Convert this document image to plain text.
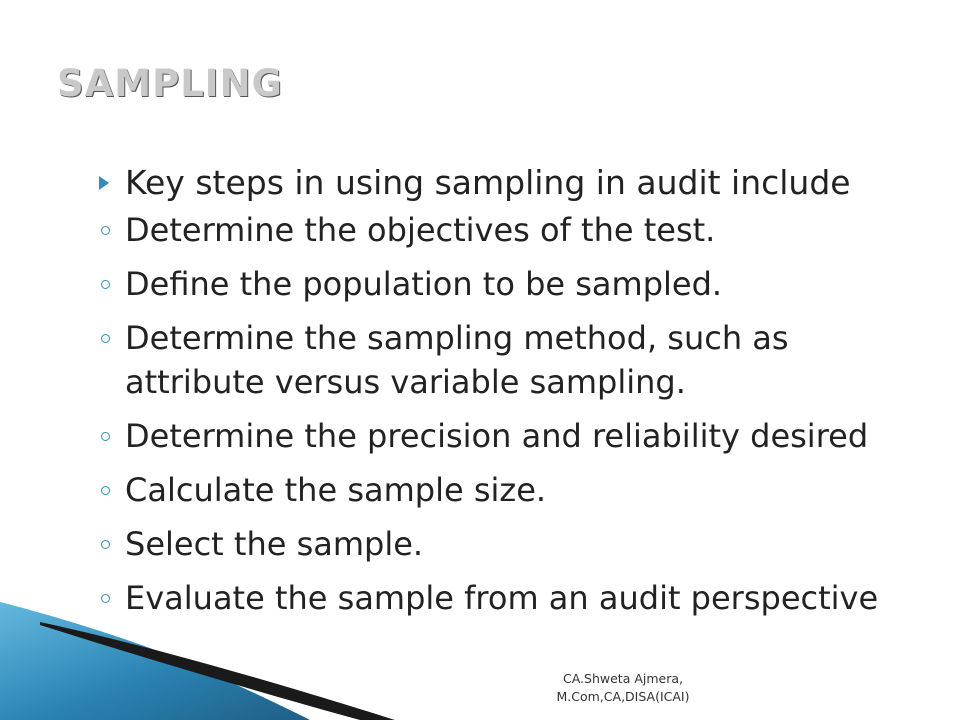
SAMPLING
Key steps in using sampling in audit include
Determine the objectives of the test.
Define the population to be sampled.
Determine the sampling method, such as attribute versus variable sampling.
Determine the precision and reliability desired
Calculate the sample size.
Select the sample.
Evaluate the sample from an audit perspective
CA.Shweta Ajmera,
M.Com,CA,DISA(ICAI)
